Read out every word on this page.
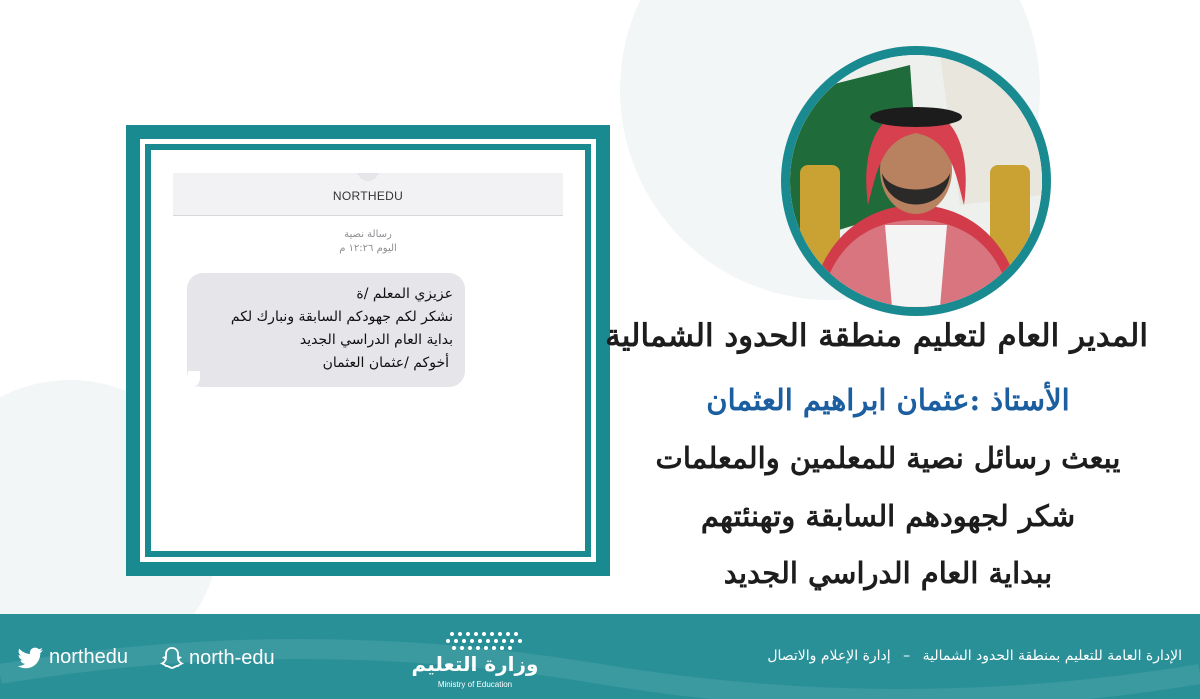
NORTHEDU
رسالة نصية
اليوم ١٢:٢٦ م
عزيزي المعلم /ة
نشكر لكم جهودكم السابقة ونبارك لكم
بداية العام الدراسي الجديد
أخوكم /عثمان العثمان
المدير العام لتعليم منطقة الحدود الشمالية
الأستاذ :عثمان ابراهيم العثمان
يبعث رسائل نصية للمعلمين والمعلمات
شكر لجهودهم السابقة وتهنئتهم
ببداية العام الدراسي الجديد
الإدارة العامة للتعليم بمنطقة الحدود الشمالية – إدارة الإعلام والاتصال
وزارة التعليم
Ministry of Education
north-edu
northedu
